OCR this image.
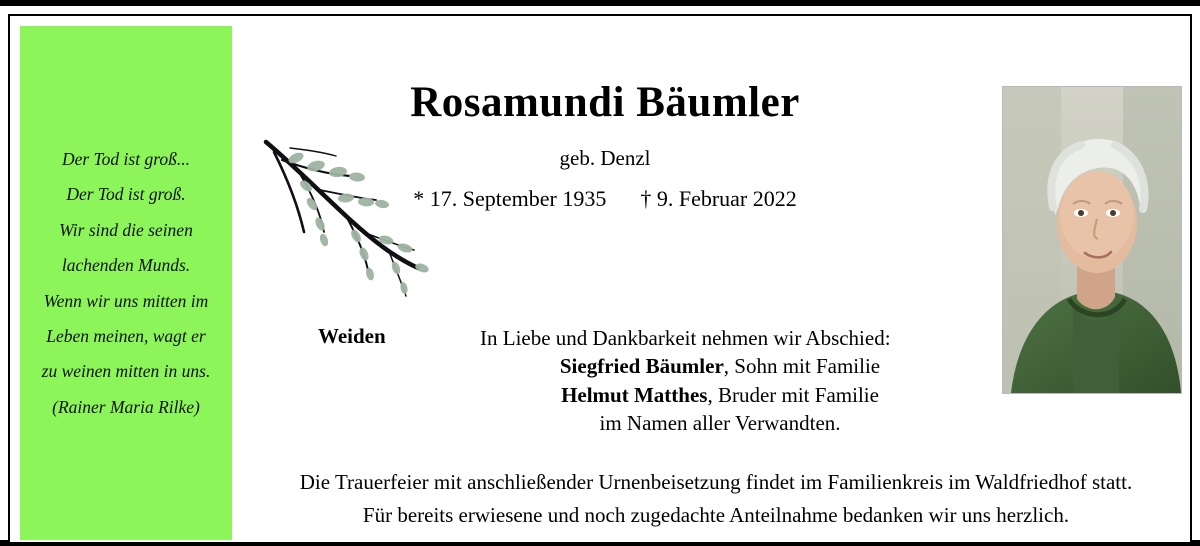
Der Tod ist groß...
Der Tod ist groß.
Wir sind die seinen
lachenden Munds.
Wenn wir uns mitten im
Leben meinen, wagt er
zu weinen mitten in uns.
(Rainer Maria Rilke)
Rosamundi Bäumler
geb. Denzl
* 17. September 1935 † 9. Februar 2022
Weiden	In Liebe und Dankbarkeit nehmen wir Abschied:
Siegfried Bäumler, Sohn mit Familie
Helmut Matthes, Bruder mit Familie
im Namen aller Verwandten.
Die Trauerfeier mit anschließender Urnenbeisetzung findet im Familienkreis im Waldfriedhof statt.
Für bereits erwiesene und noch zugedachte Anteilnahme bedanken wir uns herzlich.
